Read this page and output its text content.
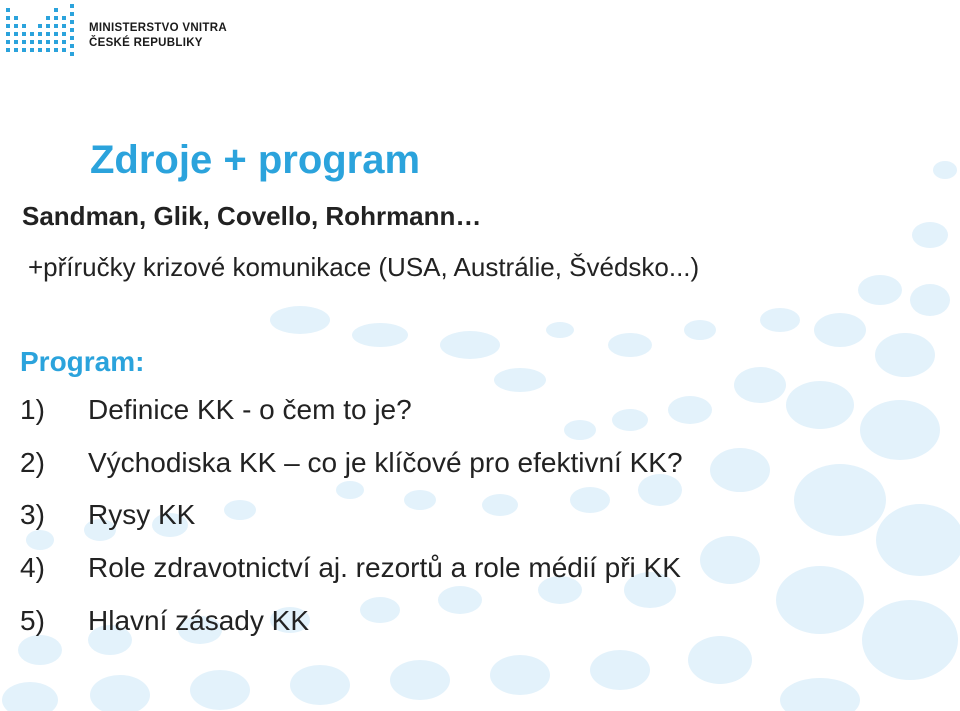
MINISTERSTVO VNITRA
ČESKÉ REPUBLIKY
Zdroje + program
Sandman, Glik, Covello, Rohrmann…
+příručky krizové komunikace (USA, Austrálie, Švédsko...)
Program:
1)	Definice KK - o čem to je?
2)	Východiska KK – co je klíčové pro efektivní KK?
3)	Rysy KK
4)	Role zdravotnictví aj. rezortů a role médií při KK
5)	Hlavní zásady KK
